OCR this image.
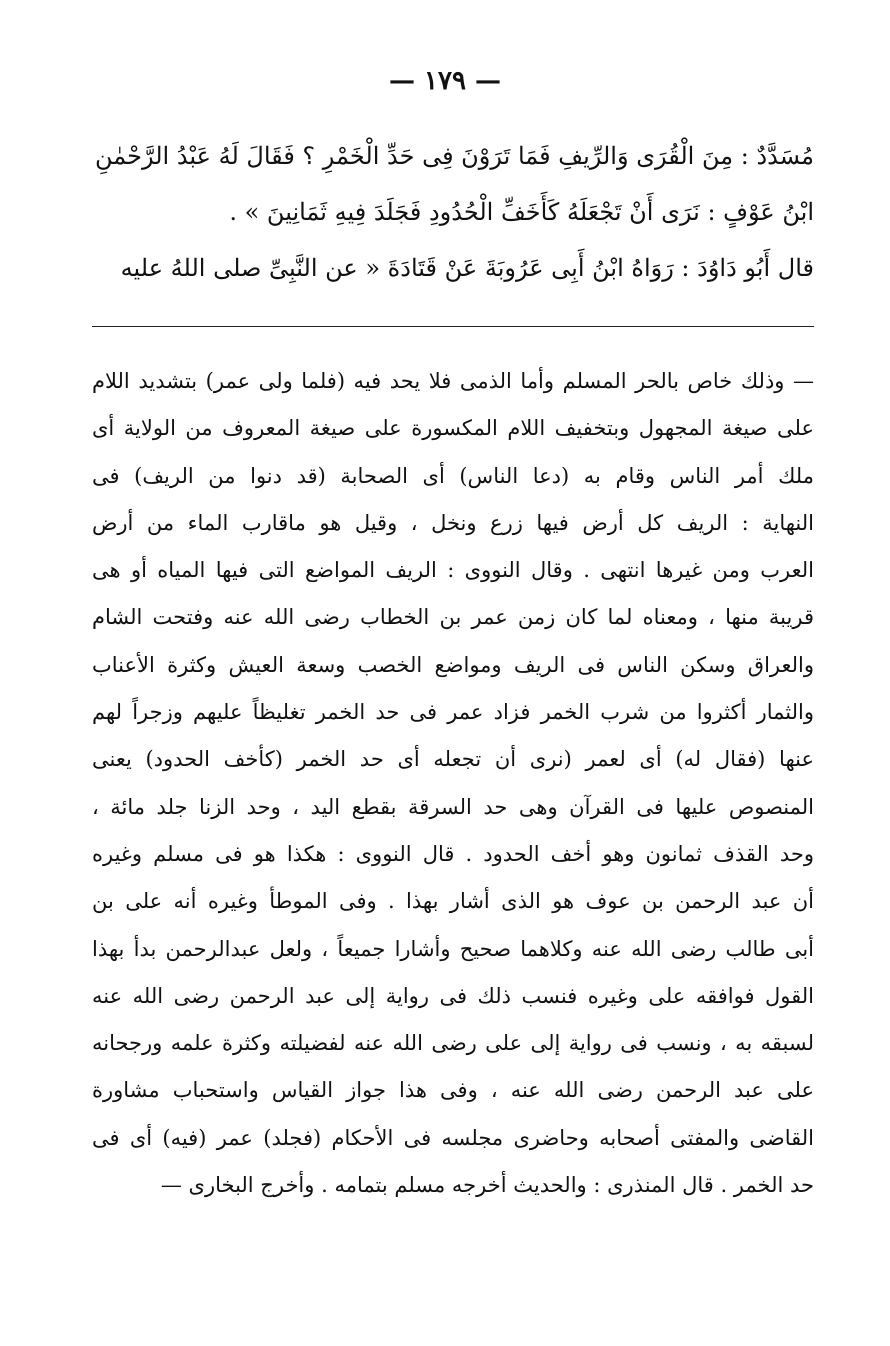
— ١٧٩ —
مُسَدَّدٌ : مِنَ الْقُرَى وَالرِّيفِ فَمَا تَرَوْنَ فِى حَدِّ الْخَمْرِ ؟ فَقَالَ لَهُ عَبْدُ الرَّحْمٰنِ
ابْنُ عَوْفٍ : نَرَى أَنْ تَجْعَلَهُ كَأَخَفِّ الْحُدُودِ فَجَلَدَ فِيهِ ثَمَانِينَ » .
قال أَبُو دَاوُدَ : رَوَاهُ ابْنُ أَبِى عَرُوبَةَ عَنْ قَتَادَةَ « عن النَّبِىِّ صلى اللهُ عليه
— وذلك خاص بالحر المسلم وأما الذمى فلا يحد فيه (فلما ولى عمر) بتشديد اللام
على صيغة المجهول وبتخفيف اللام المكسورة على صيغة المعروف من الولاية أى
ملك أمر الناس وقام به (دعا الناس) أى الصحابة (قد دنوا من الريف) فى
النهاية : الريف كل أرض فيها زرع ونخل ، وقيل هو ماقارب الماء من أرض
العرب ومن غيرها انتهى . وقال النووى : الريف المواضع التى فيها المياه أو هى
قريبة منها ، ومعناه لما كان زمن عمر بن الخطاب رضى الله عنه وفتحت الشام
والعراق وسكن الناس فى الريف ومواضع الخصب وسعة العيش وكثرة الأعناب
والثمار أكثروا من شرب الخمر فزاد عمر فى حد الخمر تغليظاً عليهم وزجراً لهم
عنها (فقال له) أى لعمر (نرى أن تجعله أى حد الخمر (كأخف الحدود) يعنى
المنصوص عليها فى القرآن وهى حد السرقة بقطع اليد ، وحد الزنا جلد مائة ،
وحد القذف ثمانون وهو أخف الحدود . قال النووى : هكذا هو فى مسلم وغيره
أن عبد الرحمن بن عوف هو الذى أشار بهذا . وفى الموطأ وغيره أنه على بن
أبى طالب رضى الله عنه وكلاهما صحيح وأشارا جميعاً ، ولعل عبدالرحمن بدأ بهذا
القول فوافقه على وغيره فنسب ذلك فى رواية إلى عبد الرحمن رضى الله عنه
لسبقه به ، ونسب فى رواية إلى على رضى الله عنه لفضيلته وكثرة علمه ورجحانه
على عبد الرحمن رضى الله عنه ، وفى هذا جواز القياس واستحباب مشاورة
القاضى والمفتى أصحابه وحاضرى مجلسه فى الأحكام (فجلد) عمر (فيه) أى فى
حد الخمر . قال المنذرى : والحديث أخرجه مسلم بتمامه . وأخرج البخارى —
